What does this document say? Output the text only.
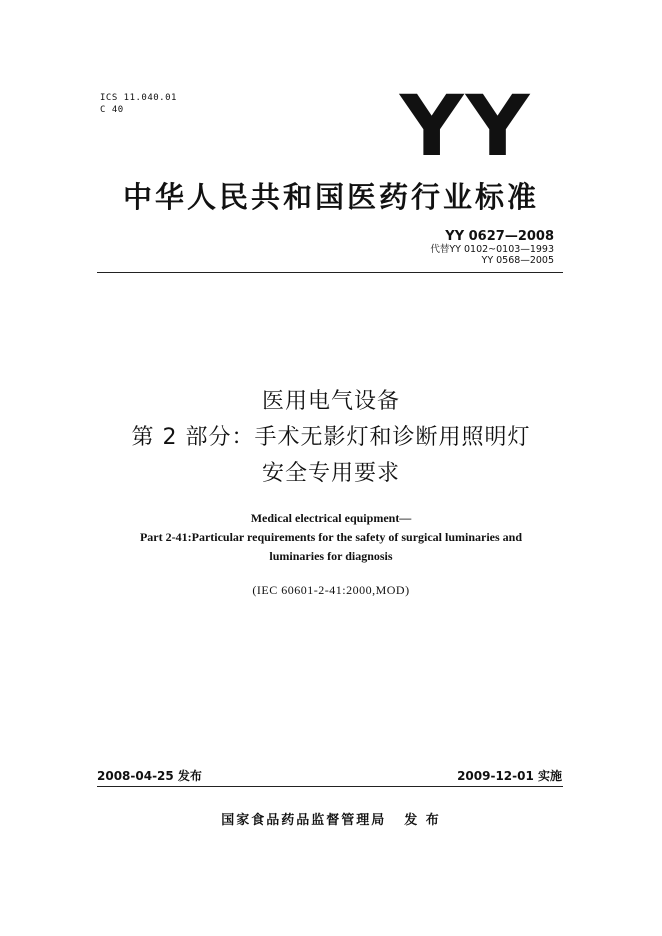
ICS 11.040.01
C 40	YY
中华人民共和国医药行业标准
YY 0627—2008
代替YY 0102~0103—1993
YY 0568—2005
医用电气设备
第 2 部分：手术无影灯和诊断用照明灯
安全专用要求
Medical electrical equipment—
Part 2-41:Particular requirements for the safety of surgical luminaries and
luminaries for diagnosis
(IEC 60601-2-41:2000,MOD)
2008-04-25 发布	2009-12-01 实施
国家食品药品监督管理局 发 布
